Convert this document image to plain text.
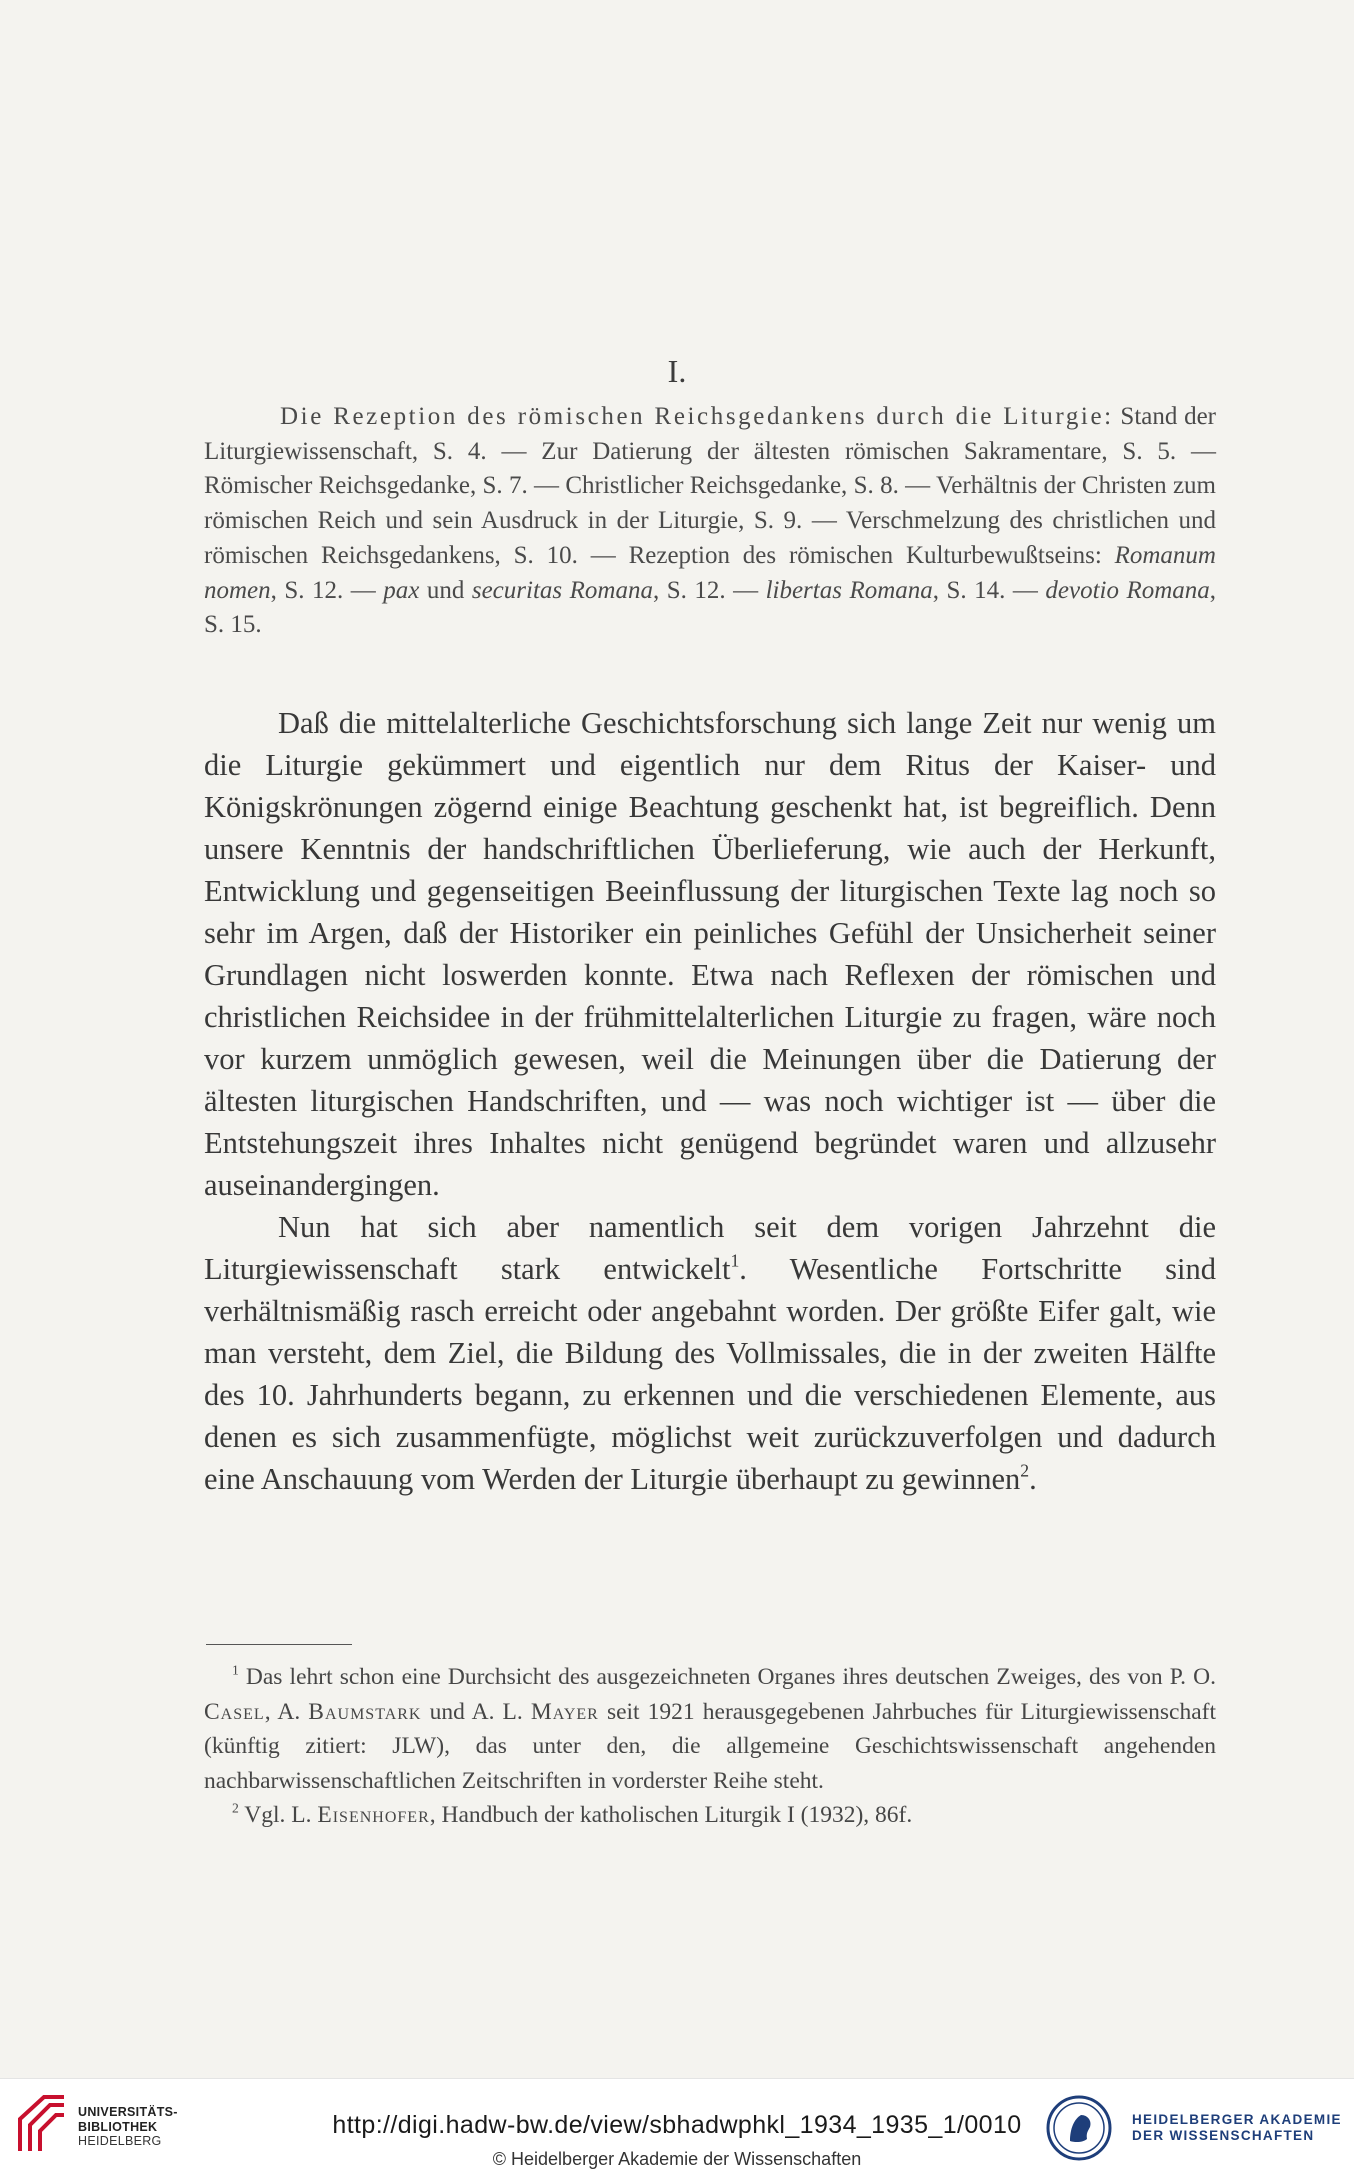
I.

Die Rezeption des römischen Reichsgedankens durch die Liturgie: Stand der Liturgiewissenschaft, S. 4. — Zur Datierung der ältesten römischen Sakramentare, S. 5. — Römischer Reichsgedanke, S. 7. — Christlicher Reichsgedanke, S. 8. — Verhältnis der Christen zum römischen Reich und sein Ausdruck in der Liturgie, S. 9. — Verschmelzung des christlichen und römischen Reichsgedankens, S. 10. — Rezeption des römischen Kulturbewußtseins: Romanum nomen, S. 12. — pax und securitas Romana, S. 12. — libertas Romana, S. 14. — devotio Romana, S. 15.

Daß die mittelalterliche Geschichtsforschung sich lange Zeit nur wenig um die Liturgie gekümmert und eigentlich nur dem Ritus der Kaiser- und Königskrönungen zögernd einige Beachtung geschenkt hat, ist begreiflich. Denn unsere Kenntnis der handschriftlichen Überlieferung, wie auch der Herkunft, Entwicklung und gegenseitigen Beeinflussung der liturgischen Texte lag noch so sehr im Argen, daß der Historiker ein peinliches Gefühl der Unsicherheit seiner Grundlagen nicht loswerden konnte. Etwa nach Reflexen der römischen und christlichen Reichsidee in der frühmittelalterlichen Liturgie zu fragen, wäre noch vor kurzem unmöglich gewesen, weil die Meinungen über die Datierung der ältesten liturgischen Handschriften, und — was noch wichtiger ist — über die Entstehungszeit ihres Inhaltes nicht genügend begründet waren und allzusehr auseinandergingen.

Nun hat sich aber namentlich seit dem vorigen Jahrzehnt die Liturgiewissenschaft stark entwickelt$^1$. Wesentliche Fortschritte sind verhältnismäßig rasch erreicht oder angebahnt worden. Der größte Eifer galt, wie man versteht, dem Ziel, die Bildung des Vollmissales, die in der zweiten Hälfte des 10. Jahrhunderts begann, zu erkennen und die verschiedenen Elemente, aus denen es sich zusammenfügte, möglichst weit zurückzuverfolgen und dadurch eine Anschauung vom Werden der Liturgie überhaupt zu gewinnen$^2$.

$^1$ Das lehrt schon eine Durchsicht des ausgezeichneten Organes ihres deutschen Zweiges, des von P. O. Casel, A. Baumstark und A. L. Mayer seit 1921 herausgegebenen Jahrbuches für Liturgiewissenschaft (künftig zitiert: JLW), das unter den, die allgemeine Geschichtswissenschaft angehenden nachbarwissenschaftlichen Zeitschriften in vorderster Reihe steht.

$^2$ Vgl. L. Eisenhofer, Handbuch der katholischen Liturgik I (1932), 86f.

UNIVERSITÄTS-
BIBLIOTHEK
HEIDELBERG
http://digi.hadw-bw.de/view/sbhadwphkl_1934_1935_1/0010
© Heidelberger Akademie der Wissenschaften
HEIDELBERGER AKADEMIE
DER WISSENSCHAFTEN
